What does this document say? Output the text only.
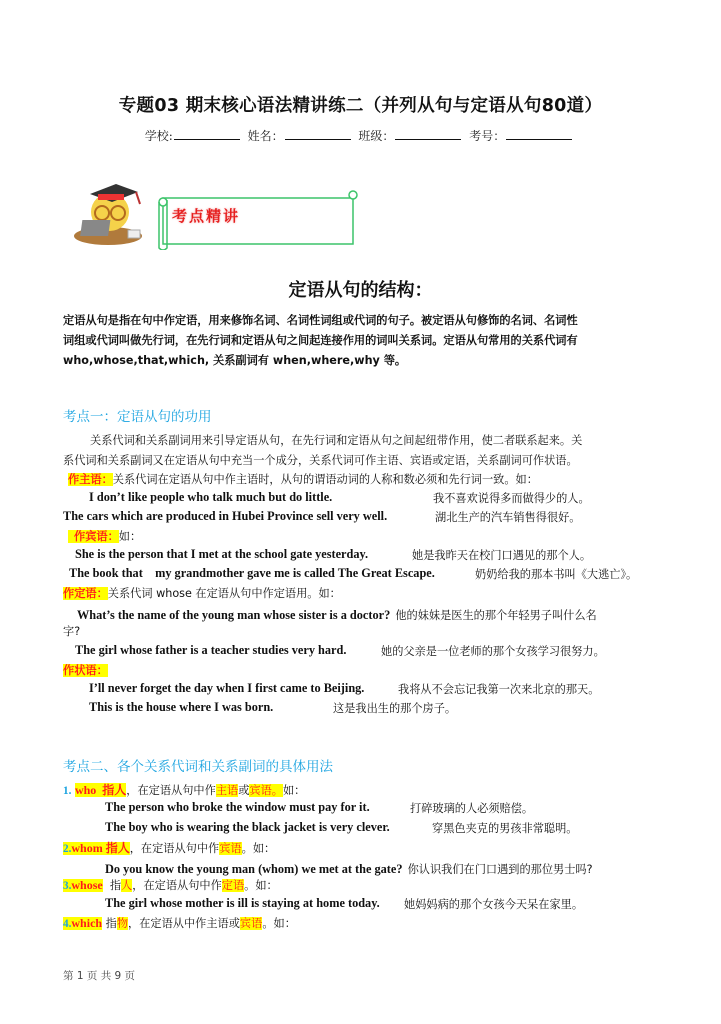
专题03 期末核心语法精讲练二（并列从句与定语从句80道）
学校:	姓名：	班级：	考号：
考点精讲
定语从句的结构：
定语从句是指在句中作定语，用来修饰名词、名词性词组或代词的句子。被定语从句修饰的名词、名词性
词组或代词叫做先行词，在先行词和定语从句之间起连接作用的词叫关系词。定语从句常用的关系代词有
who,whose,that,which, 关系副词有 when,where,why 等。
考点一：定语从句的功用
关系代词和关系副词用来引导定语从句，在先行词和定语从句之间起纽带作用，使二者联系起来。关
系代词和关系副词又在定语从句中充当一个成分，关系代词可作主语、宾语或定语，关系副词可作状语。
作主语：关系代词在定语从句中作主语时，从句的谓语动词的人称和数必须和先行词一致。如：
I don’t like people who talk much but do little.	我不喜欢说得多而做得少的人。
The cars which are produced in Hubei Province sell very well.	湖北生产的汽车销售得很好。
作宾语：如：
She is the person that I met at the school gate yesterday.	她是我昨天在校门口遇见的那个人。
The book that    my grandmother gave me is called The Great Escape.	奶奶给我的那本书叫《大逃亡》。
作定语：关系代词 whose 在定语从句中作定语用。如：
What’s the name of the young man whose sister is a doctor? 他的妹妹是医生的那个年轻男子叫什么名
字?
The girl whose father is a teacher studies very hard.	她的父亲是一位老师的那个女孩学习很努力。
作状语：
I’ll never forget the day when I first came to Beijing.	我将从不会忘记我第一次来北京的那天。
This is the house where I was born.	这是我出生的那个房子。
考点二、各个关系代词和关系副词的具体用法
1. who  指人，在定语从句中作主语或宾语。如：
The person who broke the window must pay for it.	打碎玻璃的人必须赔偿。
The boy who is wearing the black jacket is very clever.	穿黑色夹克的男孩非常聪明。
2.whom 指人，在定语从句中作宾语。如：
Do you know the young man (whom) we met at the gate? 你认识我们在门口遇到的那位男士吗?
3.whose  指人，在定语从句中作定语。如：
The girl whose mother is ill is staying at home today. 她妈妈病的那个女孩今天呆在家里。
4.which 指物，在定语从中作主语或宾语。如：
第 1 页 共 9 页
